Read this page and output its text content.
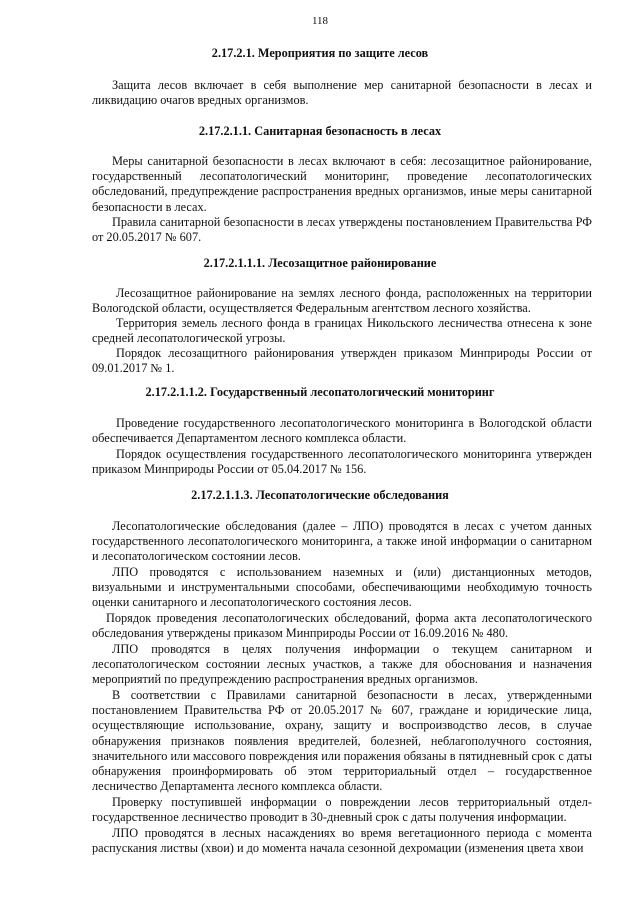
118
2.17.2.1. Мероприятия по защите лесов
Защита лесов включает в себя выполнение мер санитарной безопасности в лесах и ликвидацию очагов вредных организмов.
2.17.2.1.1. Санитарная безопасность в лесах
Меры санитарной безопасности в лесах включают в себя: лесозащитное районирование, государственный лесопатологический мониторинг, проведение лесопатологических обследований, предупреждение распространения вредных организмов, иные меры санитарной безопасности в лесах.
Правила санитарной безопасности в лесах утверждены постановлением Правительства РФ от 20.05.2017 № 607.
2.17.2.1.1.1. Лесозащитное районирование
Лесозащитное районирование на землях лесного фонда, расположенных на территории Вологодской области, осуществляется Федеральным агентством лесного хозяйства.
Территория земель лесного фонда в границах Никольского лесничества отнесена к зоне средней лесопатологической угрозы.
Порядок лесозащитного районирования утвержден приказом Минприроды России от 09.01.2017 № 1.
2.17.2.1.1.2. Государственный лесопатологический мониторинг
Проведение государственного лесопатологического мониторинга в Вологодской области обеспечивается Департаментом лесного комплекса области.
Порядок осуществления государственного лесопатологического мониторинга утвержден приказом Минприроды России от 05.04.2017 № 156.
2.17.2.1.1.3. Лесопатологические обследования
Лесопатологические обследования (далее – ЛПО) проводятся в лесах с учетом данных государственного лесопатологического мониторинга, а также иной информации о санитарном и лесопатологическом состоянии лесов.
ЛПО проводятся с использованием наземных и (или) дистанционных методов, визуальными и инструментальными способами, обеспечивающими необходимую точность оценки санитарного и лесопатологического состояния лесов.
Порядок проведения лесопатологических обследований, форма акта лесопатологического обследования утверждены приказом Минприроды России от 16.09.2016 № 480.
ЛПО проводятся в целях получения информации о текущем санитарном и лесопатологическом состоянии лесных участков, а также для обоснования и назначения мероприятий по предупреждению распространения вредных организмов.
В соответствии с Правилами санитарной безопасности в лесах, утвержденными постановлением Правительства РФ от 20.05.2017 № 607, граждане и юридические лица, осуществляющие использование, охрану, защиту и воспроизводство лесов, в случае обнаружения признаков появления вредителей, болезней, неблагополучного состояния, значительного или массового повреждения или поражения обязаны в пятидневный срок с даты обнаружения проинформировать об этом территориальный отдел – государственное лесничество Департамента лесного комплекса области.
Проверку поступившей информации о повреждении лесов территориальный отдел-государственное лесничество проводит в 30-дневный срок с даты получения информации.
ЛПО проводятся в лесных насаждениях во время вегетационного периода с момента распускания листвы (хвои) и до момента начала сезонной дехромации (изменения цвета хвои
